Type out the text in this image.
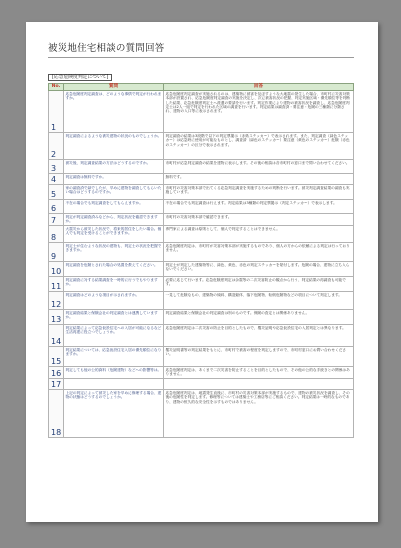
被災地住宅相談の質問回答
[応急危険度判定について]
No.	質問	回答
1	応急危険度判定調査は、どのような事情で判定が行われますか。	応急危険度判定調査が実施されるのは、建築物に被害を及ぼすような大地震の発生した場合、市町村に災害対策本部が設置され、応急危険度判定調査の実施を決定し、次に被害状況の把握、判定実施区域・優先順位等を判断した結果、応急危険度判定士へ派遣の要請を行います。判定作業により建物の被害状況を調査し、応急危険度判定士は2人一組で判定を行われた区域の調査を行います。判定結果は調査済・要注意・危険の三種類に分類され、建物の入口等に表示されます。
2	判定調査によるような被災建物の状況のものでしょうか。	判定調査の結果は3段階で以下の判定票掲示（赤紙ステッカー）で表示されます。また、判定調査（緑色ステッカー）は応急時に使用が可能なものとし、調査済（緑色のステッカー）要注意（黄色のステッカー）危険（赤色のステッカー）の区分で表示されます。
3	被災後、判定調査結果の方法はどうするのですか。	市町村が応急判定調査の結果を建物に表示します。その後の相談は各市町村の窓口まで問い合わせてください。
4	判定調査は無料ですか。	無料です。
5	家の調査済で緑でしたが、早めに建物を調査してもらいたい場合はどうするのですか。	市町村の災害対策本部で出てくる応急判定調査を実施するための判断を行います。被災判定調査結果の調査も実施しています。
6	不在の場合でも判定調査をしてもらえますか。	不在の場合でも判定調査は行えます。判定結果は3種類の判定票掲示（判定ステッカー）で表示します。
7	判定が判定調査済みなどから、判定状況を確認できますか。	市町村の災害対策本部で確認できます。
8	大震災から被災した状況で、将来的居住をしたい場合。個人でも判定を受けることができますか。	専門家による調査は原則として、個人で判定することはできません。
9	判定士が住むような状況の建物も、判定士の状況を把握できますか。	応急危険度判定は、市町村が災害対策本部が実施するものであり、個人の方からの依頼による判定は行っておりません。
10	判定調査を危険とされた場合の処置を教えてください。	判定士が判定した建築物等に、緑色、黄色、赤色の判定ステッカーを貼付します。危険の場合、建物に立ち入らないでください。
11	判定調査に対する結果調査を一時的に行うでもやりますか。	必要に応じて行います。応急危険度判定は余震等の二次災害防止の観点から行う、判定結果の再調査も可能です。
12	判定調査はどのような項目が示されますか。	一見して危険なもの、建築物の傾斜、構造躯体、落下危険物、転倒危険物などの項目について判定します。
13	判定調査結果と保険会社の判定調査とは連携していますか。	判定調査結果と保険会社の判定調査は別のものです。保険の査定とは関係ありません。
14	判定結果によって応急仮設住宅への入居が可能になるなど生活再建に役立つでしょうか。	応急危険度判定は二次災害の防止を目的としたもので、罹災証明や応急仮設住宅の入居判定とは異なります。
15	判定結果については、応急仮設住宅入居の優先順位になりますか。	罹災証明書等の判定結果をもとに、市町村で被害の程度を判定しますので、市町村窓口にお問い合わせください。
16	判定しても他の公的資料（危険建物）などへの影響等は。	応急危険度判定は、あくまで二次災害を防止することを目的としたもので、その他の公的な手続きとの関係はありません。
17		
18	上記の判定によって被災した家を早めに修理する場合、建物の状態はどうするのでしょうか。	応急危険度判定は、地震発生直後に、市町村の災害対策本部が実施するもので、建物の被災状況を調査し、その後の危険性を判定します。修理等については建築士や工務店等にご相談ください。判定結果は一時的なものであり、建物の恒久的な安全性を示すものではありません。
